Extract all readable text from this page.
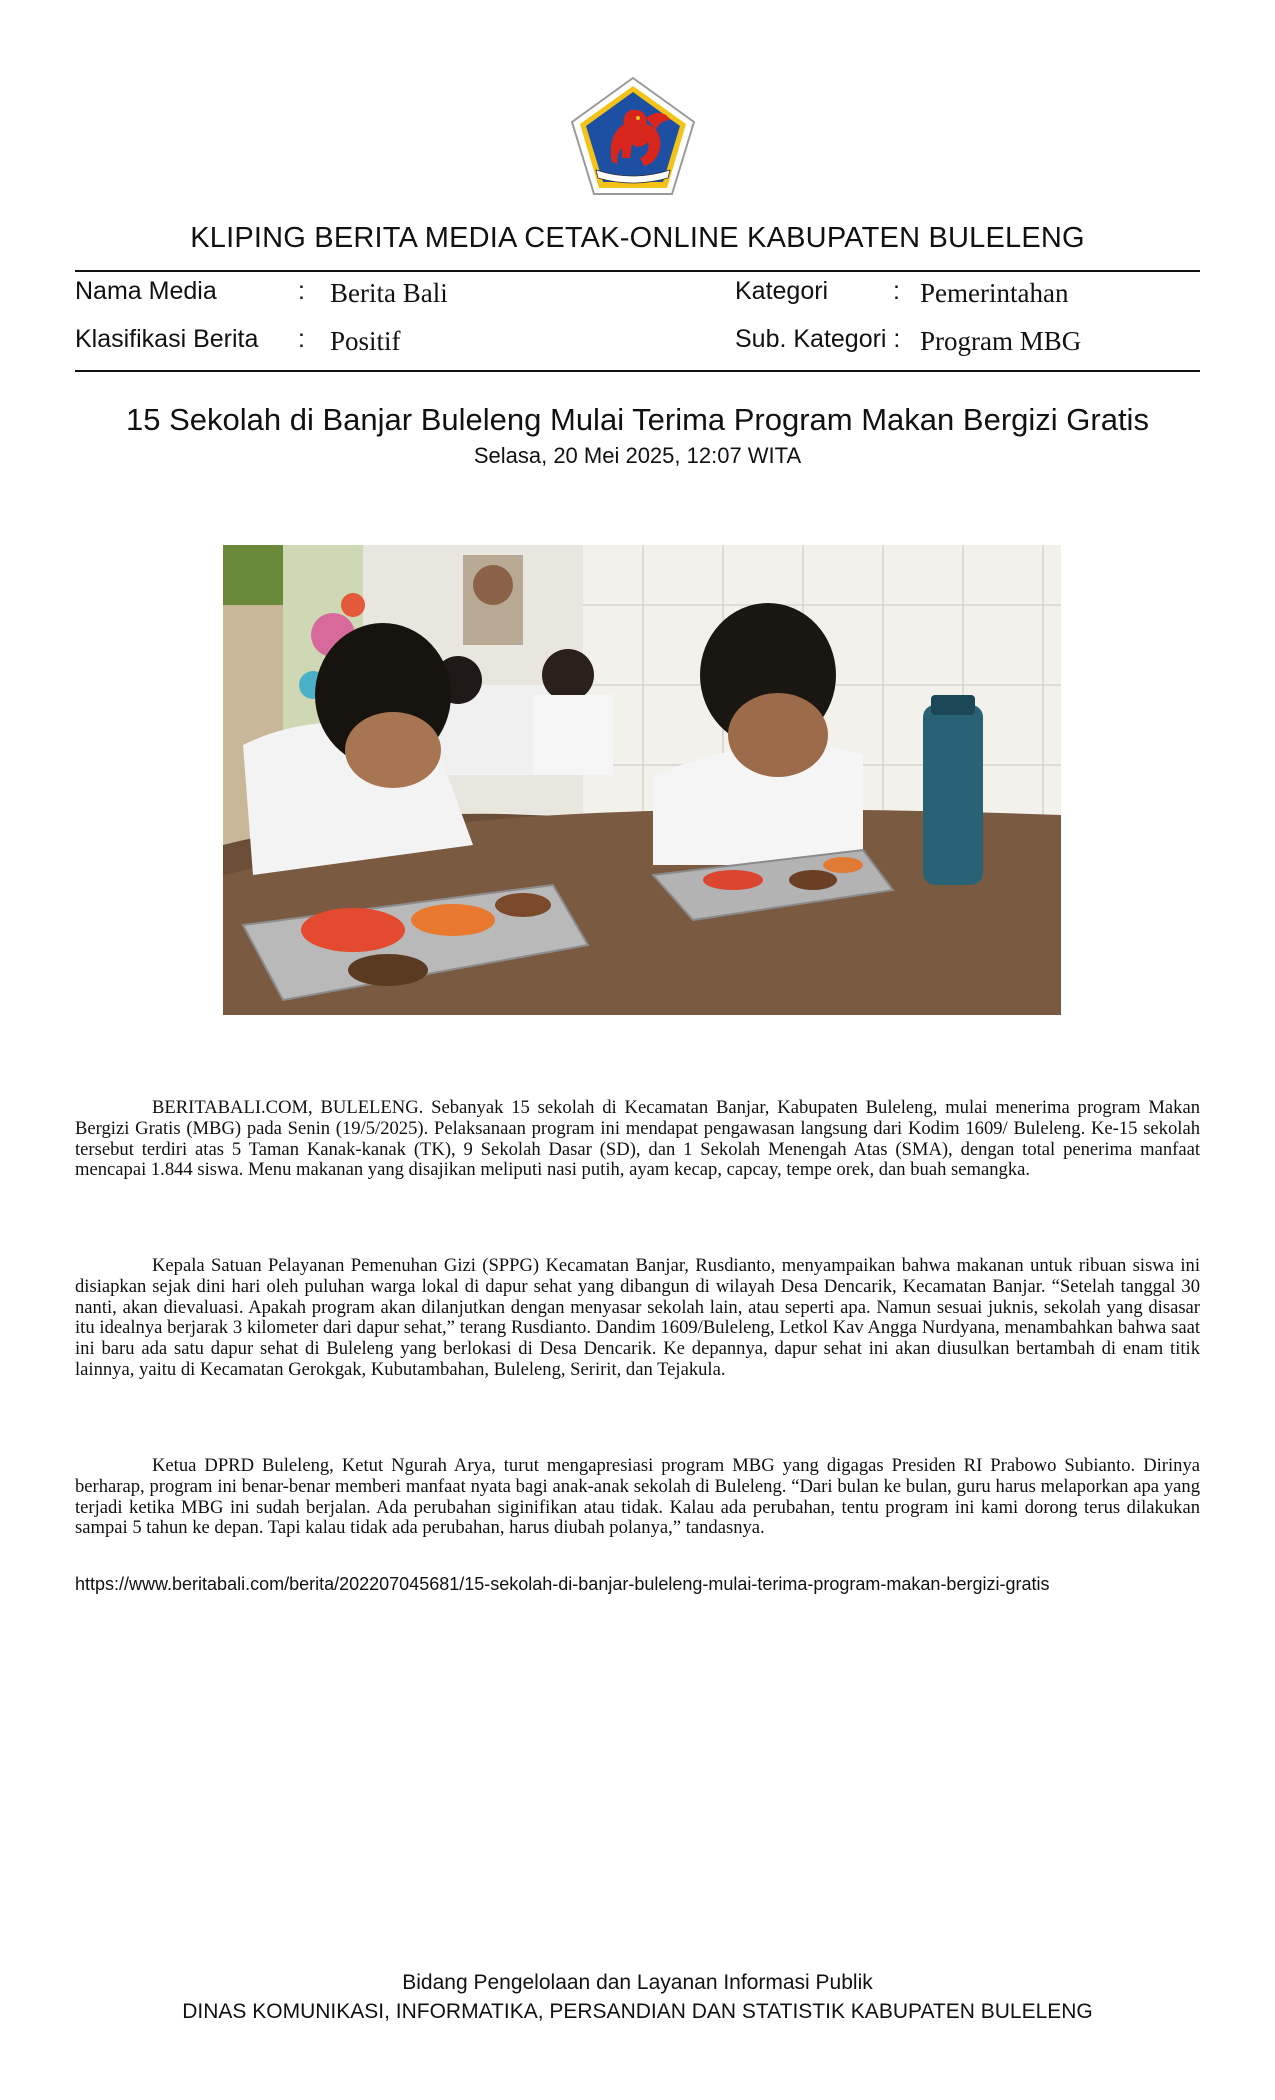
KLIPING BERITA MEDIA CETAK-ONLINE KABUPATEN BULELENG
Nama Media	: Berita Bali	Kategori	: Pemerintahan
Klasifikasi Berita : Positif	Sub. Kategori : Program MBG
15 Sekolah di Banjar Buleleng Mulai Terima Program Makan Bergizi Gratis
Selasa, 20 Mei 2025, 12:07 WITA

BERITABALI.COM, BULELENG. Sebanyak 15 sekolah di Kecamatan Banjar, Kabupaten Buleleng, mulai menerima program Makan Bergizi Gratis (MBG) pada Senin (19/5/2025). Pelaksanaan program ini mendapat pengawasan langsung dari Kodim 1609/ Buleleng. Ke-15 sekolah tersebut terdiri atas 5 Taman Kanak-kanak (TK), 9 Sekolah Dasar (SD), dan 1 Sekolah Menengah Atas (SMA), dengan total penerima manfaat mencapai 1.844 siswa. Menu makanan yang disajikan meliputi nasi putih, ayam kecap, capcay, tempe orek, dan buah semangka.

Kepala Satuan Pelayanan Pemenuhan Gizi (SPPG) Kecamatan Banjar, Rusdianto, menyampaikan bahwa makanan untuk ribuan siswa ini disiapkan sejak dini hari oleh puluhan warga lokal di dapur sehat yang dibangun di wilayah Desa Dencarik, Kecamatan Banjar. “Setelah tanggal 30 nanti, akan dievaluasi. Apakah program akan dilanjutkan dengan menyasar sekolah lain, atau seperti apa. Namun sesuai juknis, sekolah yang disasar itu idealnya berjarak 3 kilometer dari dapur sehat,” terang Rusdianto. Dandim 1609/Buleleng, Letkol Kav Angga Nurdyana, menambahkan bahwa saat ini baru ada satu dapur sehat di Buleleng yang berlokasi di Desa Dencarik. Ke depannya, dapur sehat ini akan diusulkan bertambah di enam titik lainnya, yaitu di Kecamatan Gerokgak, Kubutambahan, Buleleng, Seririt, dan Tejakula.

Ketua DPRD Buleleng, Ketut Ngurah Arya, turut mengapresiasi program MBG yang digagas Presiden RI Prabowo Subianto. Dirinya berharap, program ini benar-benar memberi manfaat nyata bagi anak-anak sekolah di Buleleng. “Dari bulan ke bulan, guru harus melaporkan apa yang terjadi ketika MBG ini sudah berjalan. Ada perubahan siginifikan atau tidak. Kalau ada perubahan, tentu program ini kami dorong terus dilakukan sampai 5 tahun ke depan. Tapi kalau tidak ada perubahan, harus diubah polanya,” tandasnya.

https://www.beritabali.com/berita/202207045681/15-sekolah-di-banjar-buleleng-mulai-terima-program-makan-bergizi-gratis
Bidang Pengelolaan dan Layanan Informasi Publik
DINAS KOMUNIKASI, INFORMATIKA, PERSANDIAN DAN STATISTIK KABUPATEN BULELENG
